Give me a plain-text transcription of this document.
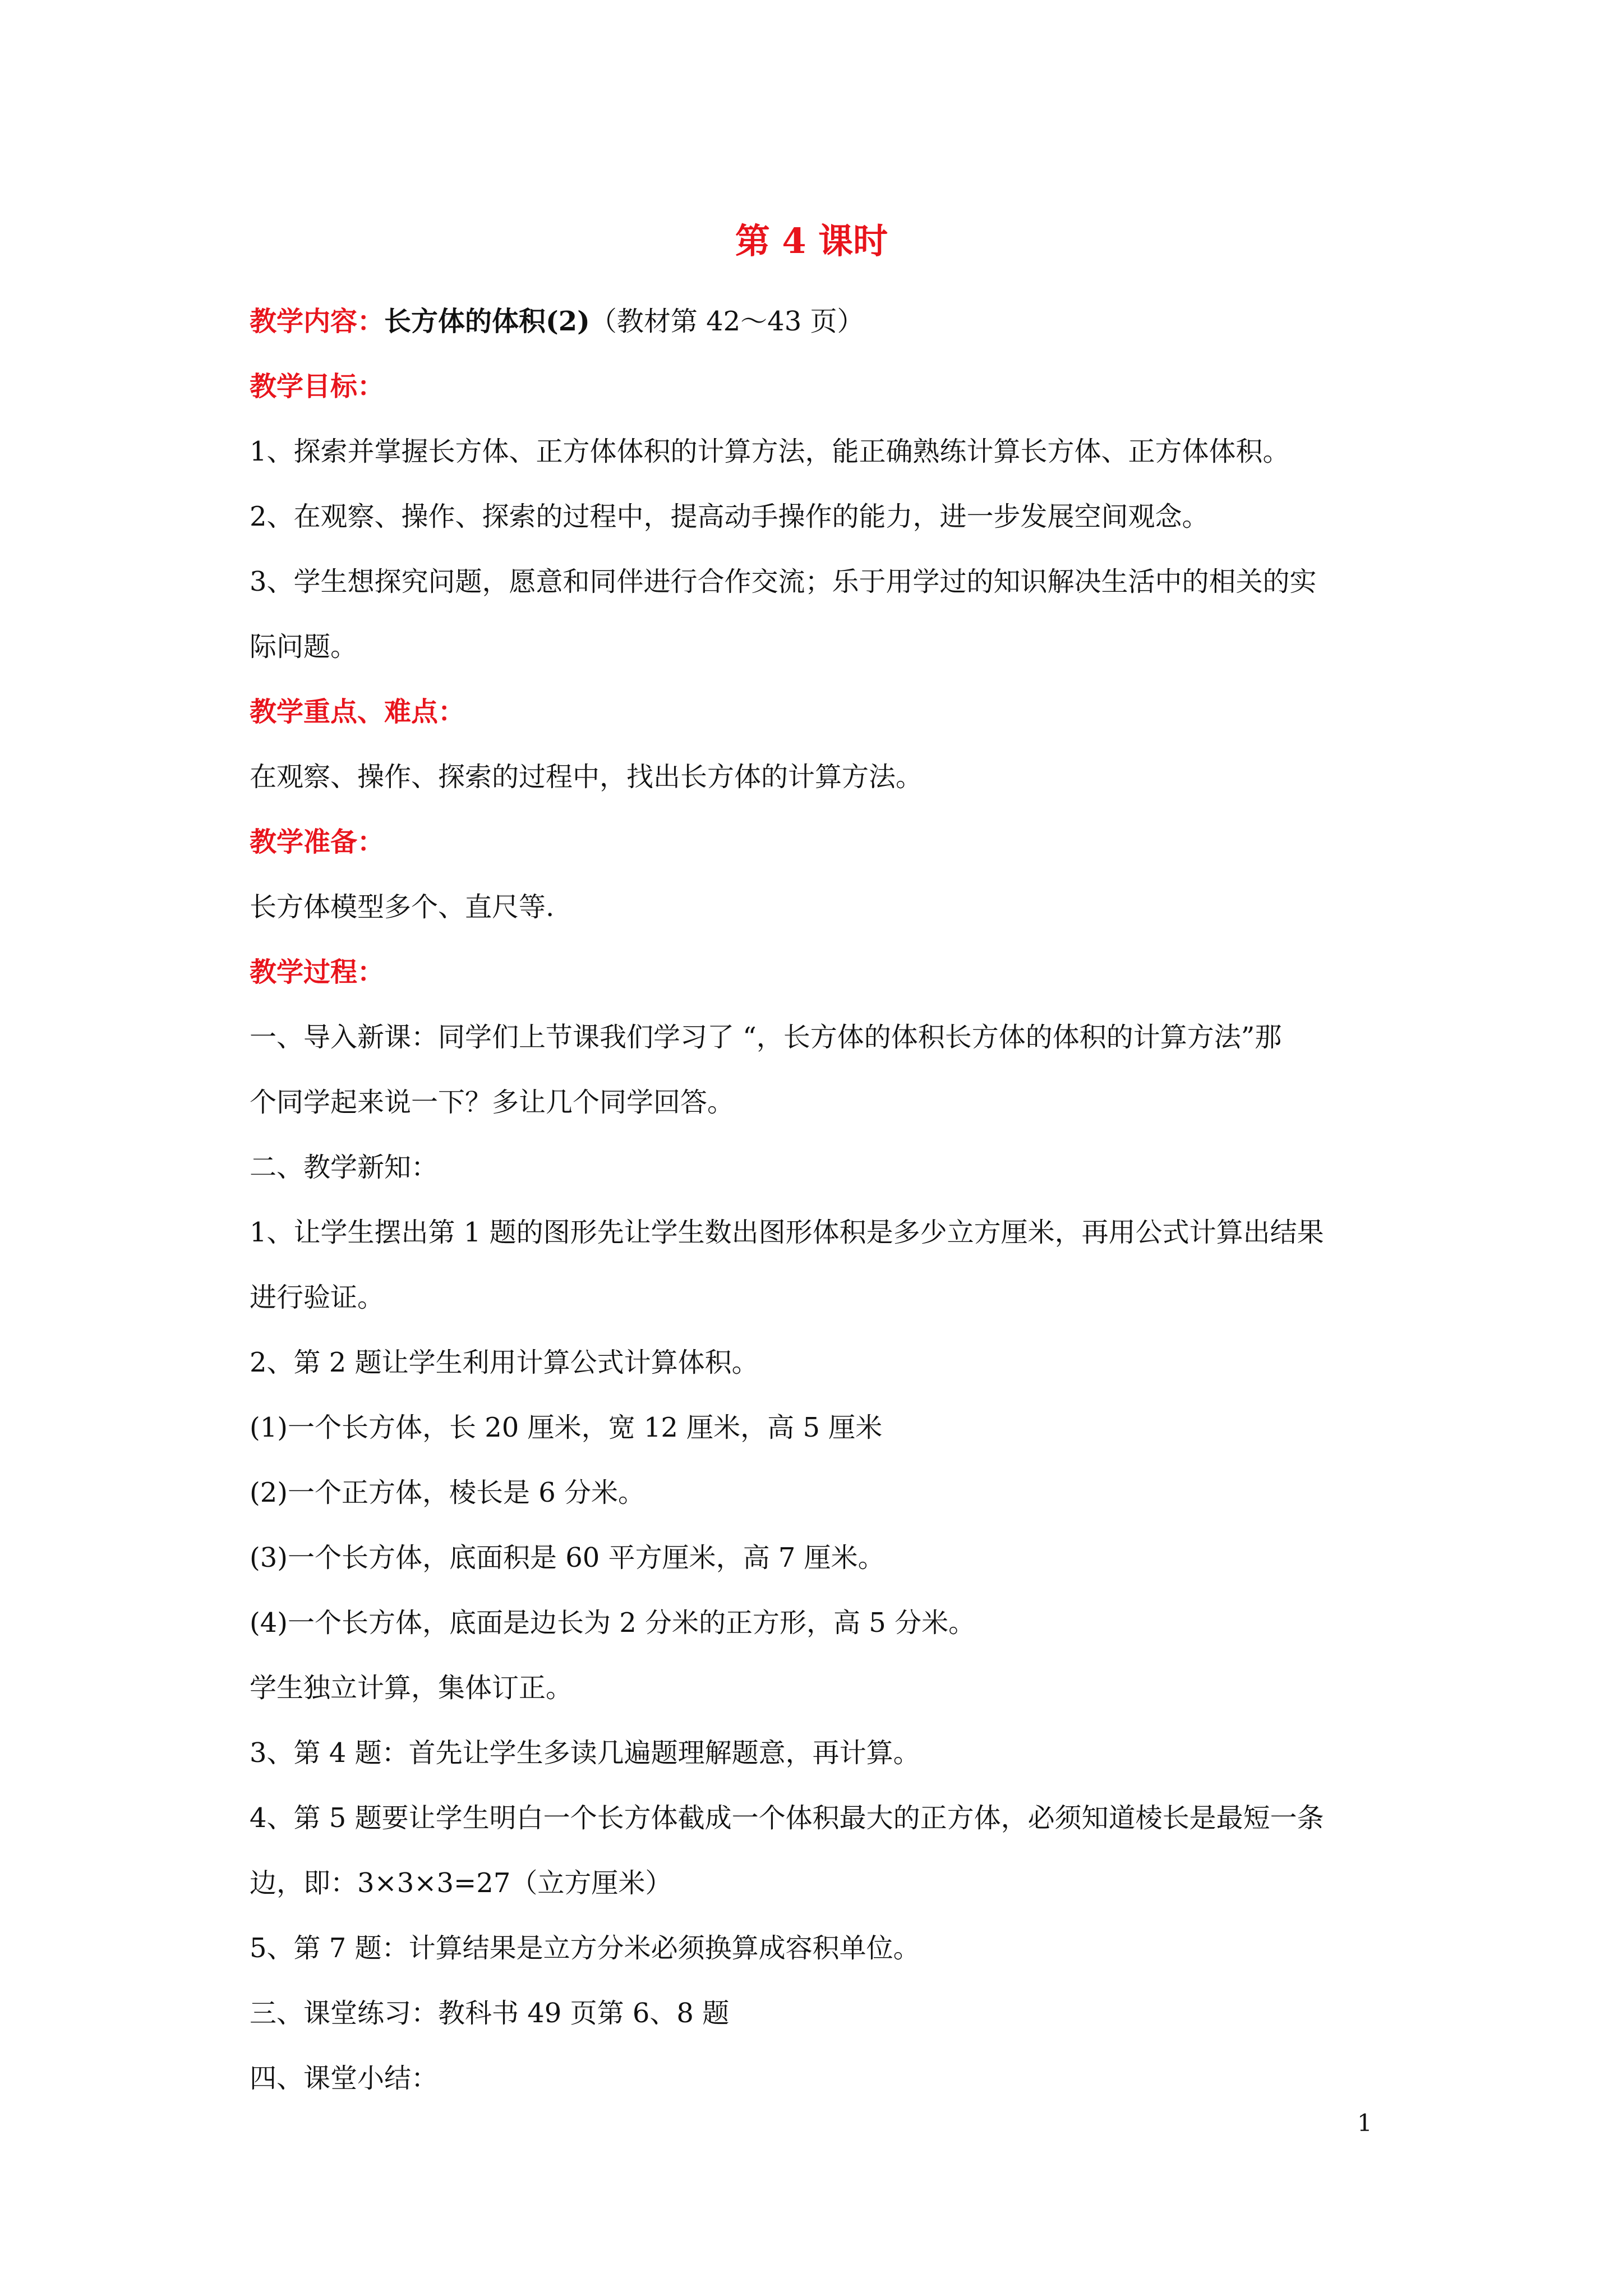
第 4 课时
教学内容：长方体的体积(2)（教材第 42～43 页）
教学目标：
1、探索并掌握长方体、正方体体积的计算方法，能正确熟练计算长方体、正方体体积。
2、在观察、操作、探索的过程中，提高动手操作的能力，进一步发展空间观念。
3、学生想探究问题，愿意和同伴进行合作交流；乐于用学过的知识解决生活中的相关的实
际问题。
教学重点、难点：
在观察、操作、探索的过程中，找出长方体的计算方法。
教学准备：
长方体模型多个、直尺等.
教学过程：
一、导入新课：同学们上节课我们学习了 “，长方体的体积长方体的体积的计算方法”那
个同学起来说一下？多让几个同学回答。
二、教学新知：
1、让学生摆出第 1 题的图形先让学生数出图形体积是多少立方厘米，再用公式计算出结果
进行验证。
2、第 2 题让学生利用计算公式计算体积。
(1)一个长方体，长 20 厘米，宽 12 厘米，高 5 厘米
(2)一个正方体，棱长是 6 分米。
(3)一个长方体，底面积是 60 平方厘米，高 7 厘米。
(4)一个长方体，底面是边长为 2 分米的正方形，高 5 分米。
学生独立计算，集体订正。
3、第 4 题：首先让学生多读几遍题理解题意，再计算。
4、第 5 题要让学生明白一个长方体截成一个体积最大的正方体，必须知道棱长是最短一条
边，即：3×3×3=27（立方厘米）
5、第 7 题：计算结果是立方分米必须换算成容积单位。
三、课堂练习：教科书 49 页第 6、8 题
四、课堂小结：
1
